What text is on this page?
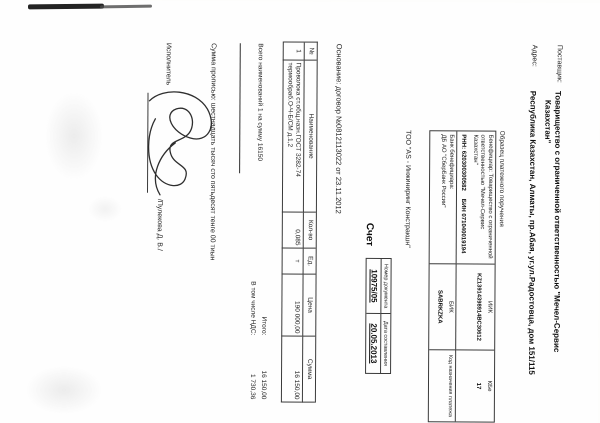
Поставщик:
Товарищество с ограниченной ответственностью "Мечел-Сервис
Казахстан"
Адрес:
Республика Казахстан, Алматы, пр.Абая, уг.ул.Радостовца, дом 151/115
Образец платежного поручения
Бенефициар: Товарищество с ограниченной
ответственностью "Мечел-Сервис Казахстан"
РНН: 620300300582
БИН 071040019194
ИИК
KZ13914398914BC30612
КБе
17
Банк бенефициара:
ДБ АО "СберБанк России"
БИК
SABRKZKA
Код назначения платежа
ТОО "AS - Инжиниринг Констракшн"
Счет
Номер документа
Дата составления
10975/05
20.05.2013
Основание: договор №0812113022 от 23.11.2012
№
Наименование
Кол-во
Ед.
Цена
Сумма
1
Проволока ст.общ.назн.ГОСТ 3282-74 термообраб.О-Ч-Б/СМ д.1,2
0,085
т
190 000,00
16 150,00
Итого:
16 150,00
В том числе НДС:
1 730,36
Всего наименований 1 на сумму 16150
Сумма прописью: шестнадцать тысяч сто пятьдесят тенге 00 тиын
Исполнитель
/Пулекова Д. В./
